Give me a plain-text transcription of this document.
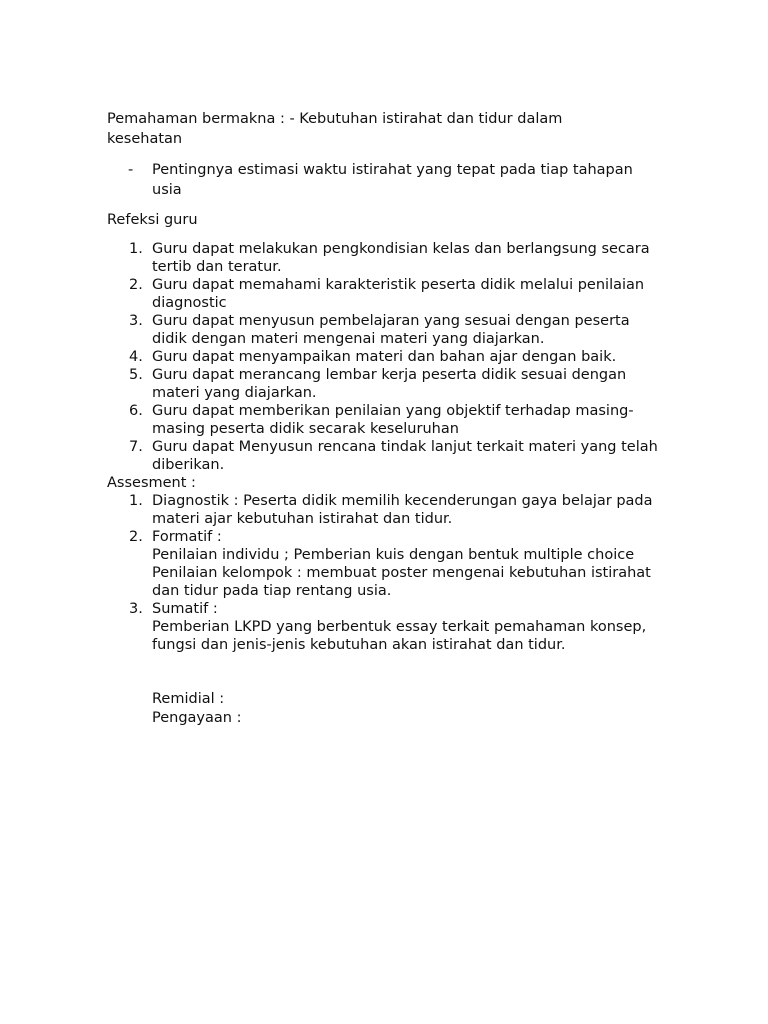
Pemahaman bermakna : - Kebutuhan istirahat dan tidur dalam kesehatan

- Pentingnya estimasi waktu istirahat yang tepat pada tiap tahapan usia

Refeksi guru

1. Guru dapat melakukan pengkondisian kelas dan berlangsung secara tertib dan teratur.
2. Guru dapat memahami karakteristik peserta didik melalui penilaian diagnostic
3. Guru dapat menyusun pembelajaran yang sesuai dengan peserta didik dengan materi mengenai materi yang diajarkan.
4. Guru dapat menyampaikan materi dan bahan ajar dengan baik.
5. Guru dapat merancang lembar kerja peserta didik sesuai dengan materi yang diajarkan.
6. Guru dapat memberikan penilaian yang objektif terhadap masing-masing peserta didik secarak keseluruhan
7. Guru dapat Menyusun rencana tindak lanjut terkait materi yang telah diberikan.

Assesment :

1. Diagnostik : Peserta didik memilih kecenderungan gaya belajar pada materi ajar kebutuhan istirahat dan tidur.
2. Formatif :
Penilaian individu ; Pemberian kuis dengan bentuk multiple choice
Penilaian kelompok : membuat poster mengenai kebutuhan istirahat dan tidur pada tiap rentang usia.
3. Sumatif :
Pemberian LKPD yang berbentuk essay terkait pemahaman konsep, fungsi dan jenis-jenis kebutuhan akan istirahat dan tidur.

Remidial :

Pengayaan :
